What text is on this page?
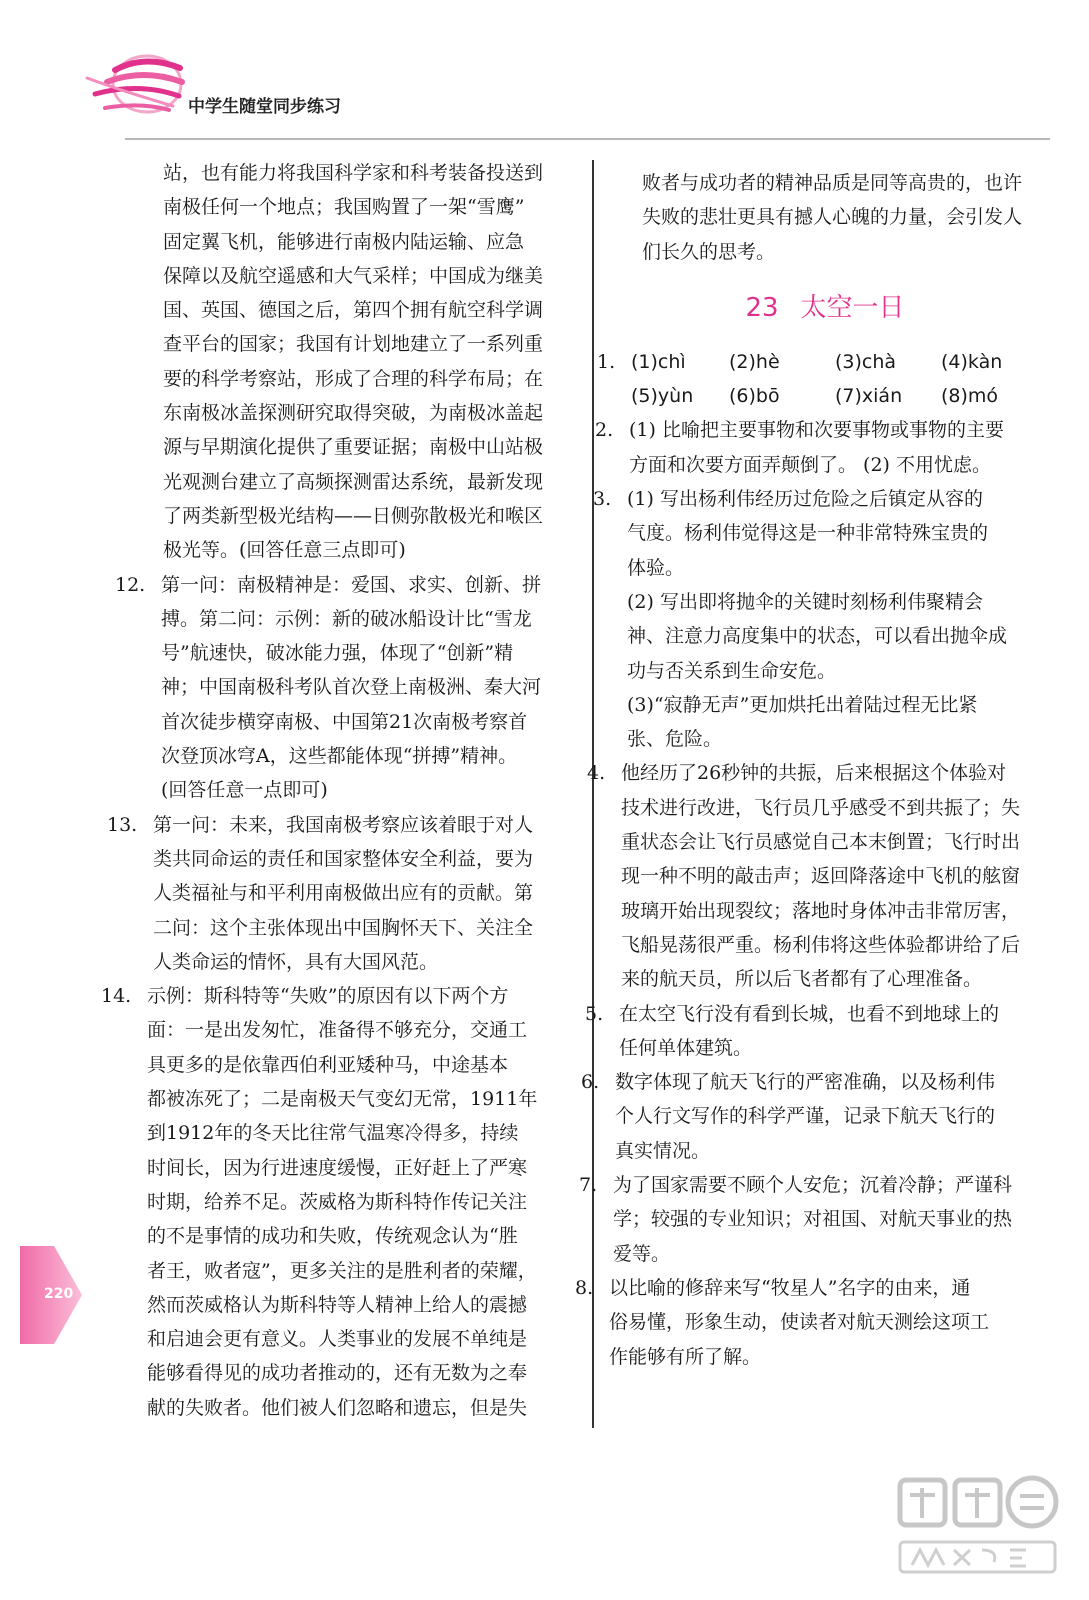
中学生随堂同步练习
站，也有能力将我国科学家和科考装备投送到
南极任何一个地点；我国购置了一架“雪鹰”
固定翼飞机，能够进行南极内陆运输、应急
保障以及航空遥感和大气采样；中国成为继美
国、英国、德国之后，第四个拥有航空科学调
查平台的国家；我国有计划地建立了一系列重
要的科学考察站，形成了合理的科学布局；在
东南极冰盖探测研究取得突破，为南极冰盖起
源与早期演化提供了重要证据；南极中山站极
光观测台建立了高频探测雷达系统，最新发现
了两类新型极光结构——日侧弥散极光和喉区
极光等。(回答任意三点即可)
12. 第一问：南极精神是：爱国、求实、创新、拼
搏。第二问：示例：新的破冰船设计比“雪龙
号”航速快，破冰能力强，体现了“创新”精
神；中国南极科考队首次登上南极洲、秦大河
首次徒步横穿南极、中国第21次南极考察首
次登顶冰穹A，这些都能体现“拼搏”精神。
(回答任意一点即可)
13. 第一问：未来，我国南极考察应该着眼于对人
类共同命运的责任和国家整体安全利益，要为
人类福祉与和平利用南极做出应有的贡献。第
二问：这个主张体现出中国胸怀天下、关注全
人类命运的情怀，具有大国风范。
14. 示例：斯科特等“失败”的原因有以下两个方
面：一是出发匆忙，准备得不够充分，交通工
具更多的是依靠西伯利亚矮种马，中途基本
都被冻死了；二是南极天气变幻无常，1911年
到1912年的冬天比往常气温寒冷得多，持续
时间长，因为行进速度缓慢，正好赶上了严寒
时期，给养不足。茨威格为斯科特作传记关注
的不是事情的成功和失败，传统观念认为“胜
者王，败者寇”，更多关注的是胜利者的荣耀，
然而茨威格认为斯科特等人精神上给人的震撼
和启迪会更有意义。人类事业的发展不单纯是
能够看得见的成功者推动的，还有无数为之奉
献的失败者。他们被人们忽略和遗忘，但是失
败者与成功者的精神品质是同等高贵的，也许
失败的悲壮更具有撼人心魄的力量，会引发人
们长久的思考。
23 太空一日
1. (1)chì	(2)hè	(3)chà	(4)kàn
(5)yùn	(6)bō	(7)xián	(8)mó
2. (1) 比喻把主要事物和次要事物或事物的主要
方面和次要方面弄颠倒了。 (2) 不用忧虑。
3. (1) 写出杨利伟经历过危险之后镇定从容的
气度。杨利伟觉得这是一种非常特殊宝贵的
体验。
(2) 写出即将抛伞的关键时刻杨利伟聚精会
神、注意力高度集中的状态，可以看出抛伞成
功与否关系到生命安危。
(3)“寂静无声”更加烘托出着陆过程无比紧
张、危险。
4. 他经历了26秒钟的共振，后来根据这个体验对
技术进行改进，飞行员几乎感受不到共振了；失
重状态会让飞行员感觉自己本末倒置；飞行时出
现一种不明的敲击声；返回降落途中飞机的舷窗
玻璃开始出现裂纹；落地时身体冲击非常厉害，
飞船晃荡很严重。杨利伟将这些体验都讲给了后
来的航天员，所以后飞者都有了心理准备。
5. 在太空飞行没有看到长城，也看不到地球上的
任何单体建筑。
6. 数字体现了航天飞行的严密准确，以及杨利伟
个人行文写作的科学严谨，记录下航天飞行的
真实情况。
7. 为了国家需要不顾个人安危；沉着冷静；严谨科
学；较强的专业知识；对祖国、对航天事业的热
爱等。
8. 以比喻的修辞来写“牧星人”名字的由来，通
俗易懂，形象生动，使读者对航天测绘这项工
作能够有所了解。
220
